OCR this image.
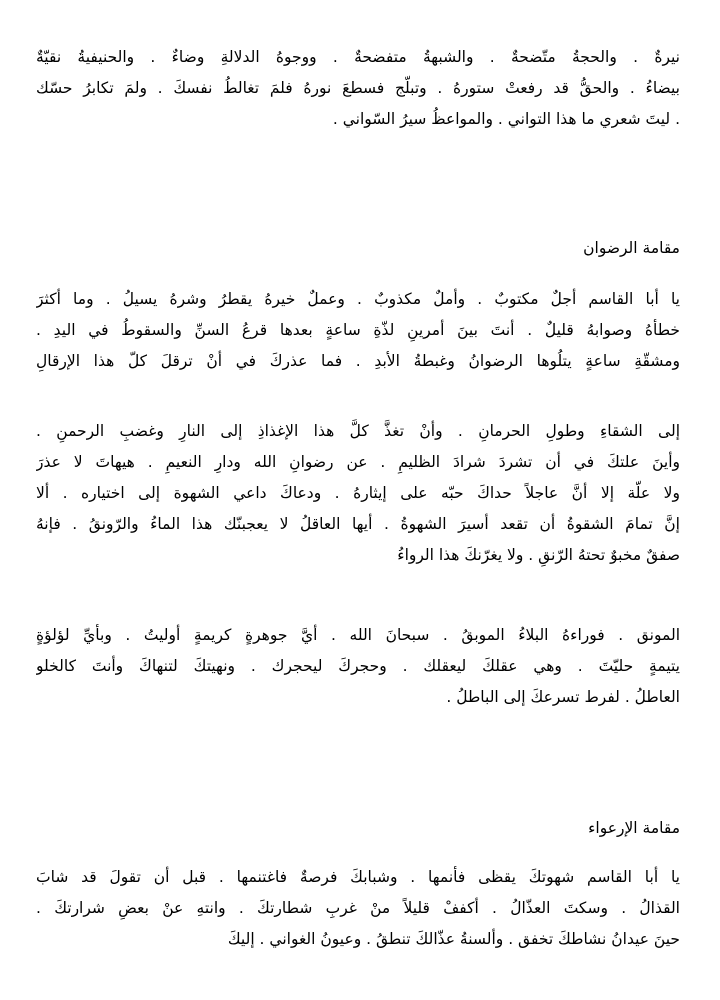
نيرةٌ . والحجةُ متّضحةٌ . والشبهةُ متفضحةٌ . ووجوهُ الدلالةِ وضاءٌ . والحنيفيةُ نقيّةٌ
بيضاءُ . والحقُّ قد رفعتْ ستورهُ . وتبلّج فسطعَ نورهُ فلمَ تغالطُ نفسكَ . ولمَ تكابرُ حسّك
. ليتَ شعري ما هذا التواني . والمواعظُ سيرُ السّواني .
مقامة الرضوان
يا أبا القاسم أجلٌ مكتوبٌ . وأملٌ مكذوبٌ . وعملٌ خيرهُ يقطرُ وشرهُ يسيلُ . وما أكثرَ
خطأهُ وصوابهُ قليلٌ . أنتَ بينَ أمرينِ لذّةِ ساعةٍ بعدها قرعُ السنِّ والسقوطُ في اليدِ .
ومشقّةِ ساعةٍ يتلُوها الرضوانُ وغبطةُ الأبدِ . فما عذركَ في أنْ ترقلَ كلّ هذا الإرقالِ
إلى الشقاءِ وطولِ الحرمانِ . وأنْ تغذَّ كلَّ هذا الإغذاذِ إلى النارِ وغضبِ الرحمنِ .
وأينَ علتكَ في أن تشردَ شرادَ الظليمِ . عن رضوانِ الله ودارِ النعيمِ . هيهاتَ لا عذرَ
ولا علّة إلا أنَّ عاجلاً حداكَ حبّه على إيثارهُ . ودعاكَ داعي الشهوة إلى اختياره . ألا
إنَّ تمامَ الشقوةُ أن تقعد أسيرَ الشهوةُ . أيها العاقلُ لا يعجبنّك هذا الماءُ والرّونقُ . فإنهُ
صفقٌ مخبوٌ تحتهُ الرّنقِ . ولا يغرّنكَ هذا الرواءُ
المونق . فوراءهُ البلاءُ الموبقُ . سبحانَ الله . أيَّ جوهرةٍ كريمةٍ أوليتُ . وبأيِّ لؤلؤةٍ
يتيمةٍ حليّتَ . وهي عقلكَ ليعقلك . وحجركَ ليحجرك . ونهيتكَ لتنهاكَ وأنتَ كالخلو
العاطلُ . لفرط تسرعكَ إلى الباطلُ .
مقامة الإرعواء
يا أبا القاسم شهوتكَ يقظى فأنمها . وشبابكَ فرصةٌ فاغتنمها . قبل أن تقولَ قد شابَ
القذالُ . وسكتَ العذّالُ . أكففْ قليلاً منْ غربِ شطارتكَ . وانتهِ عنْ بعضِ شرارتكَ .
حينَ عيدانُ نشاطكَ تخفق . وألسنةُ عذّالكَ تنطقُ . وعيونُ الغواني . إليكَ
